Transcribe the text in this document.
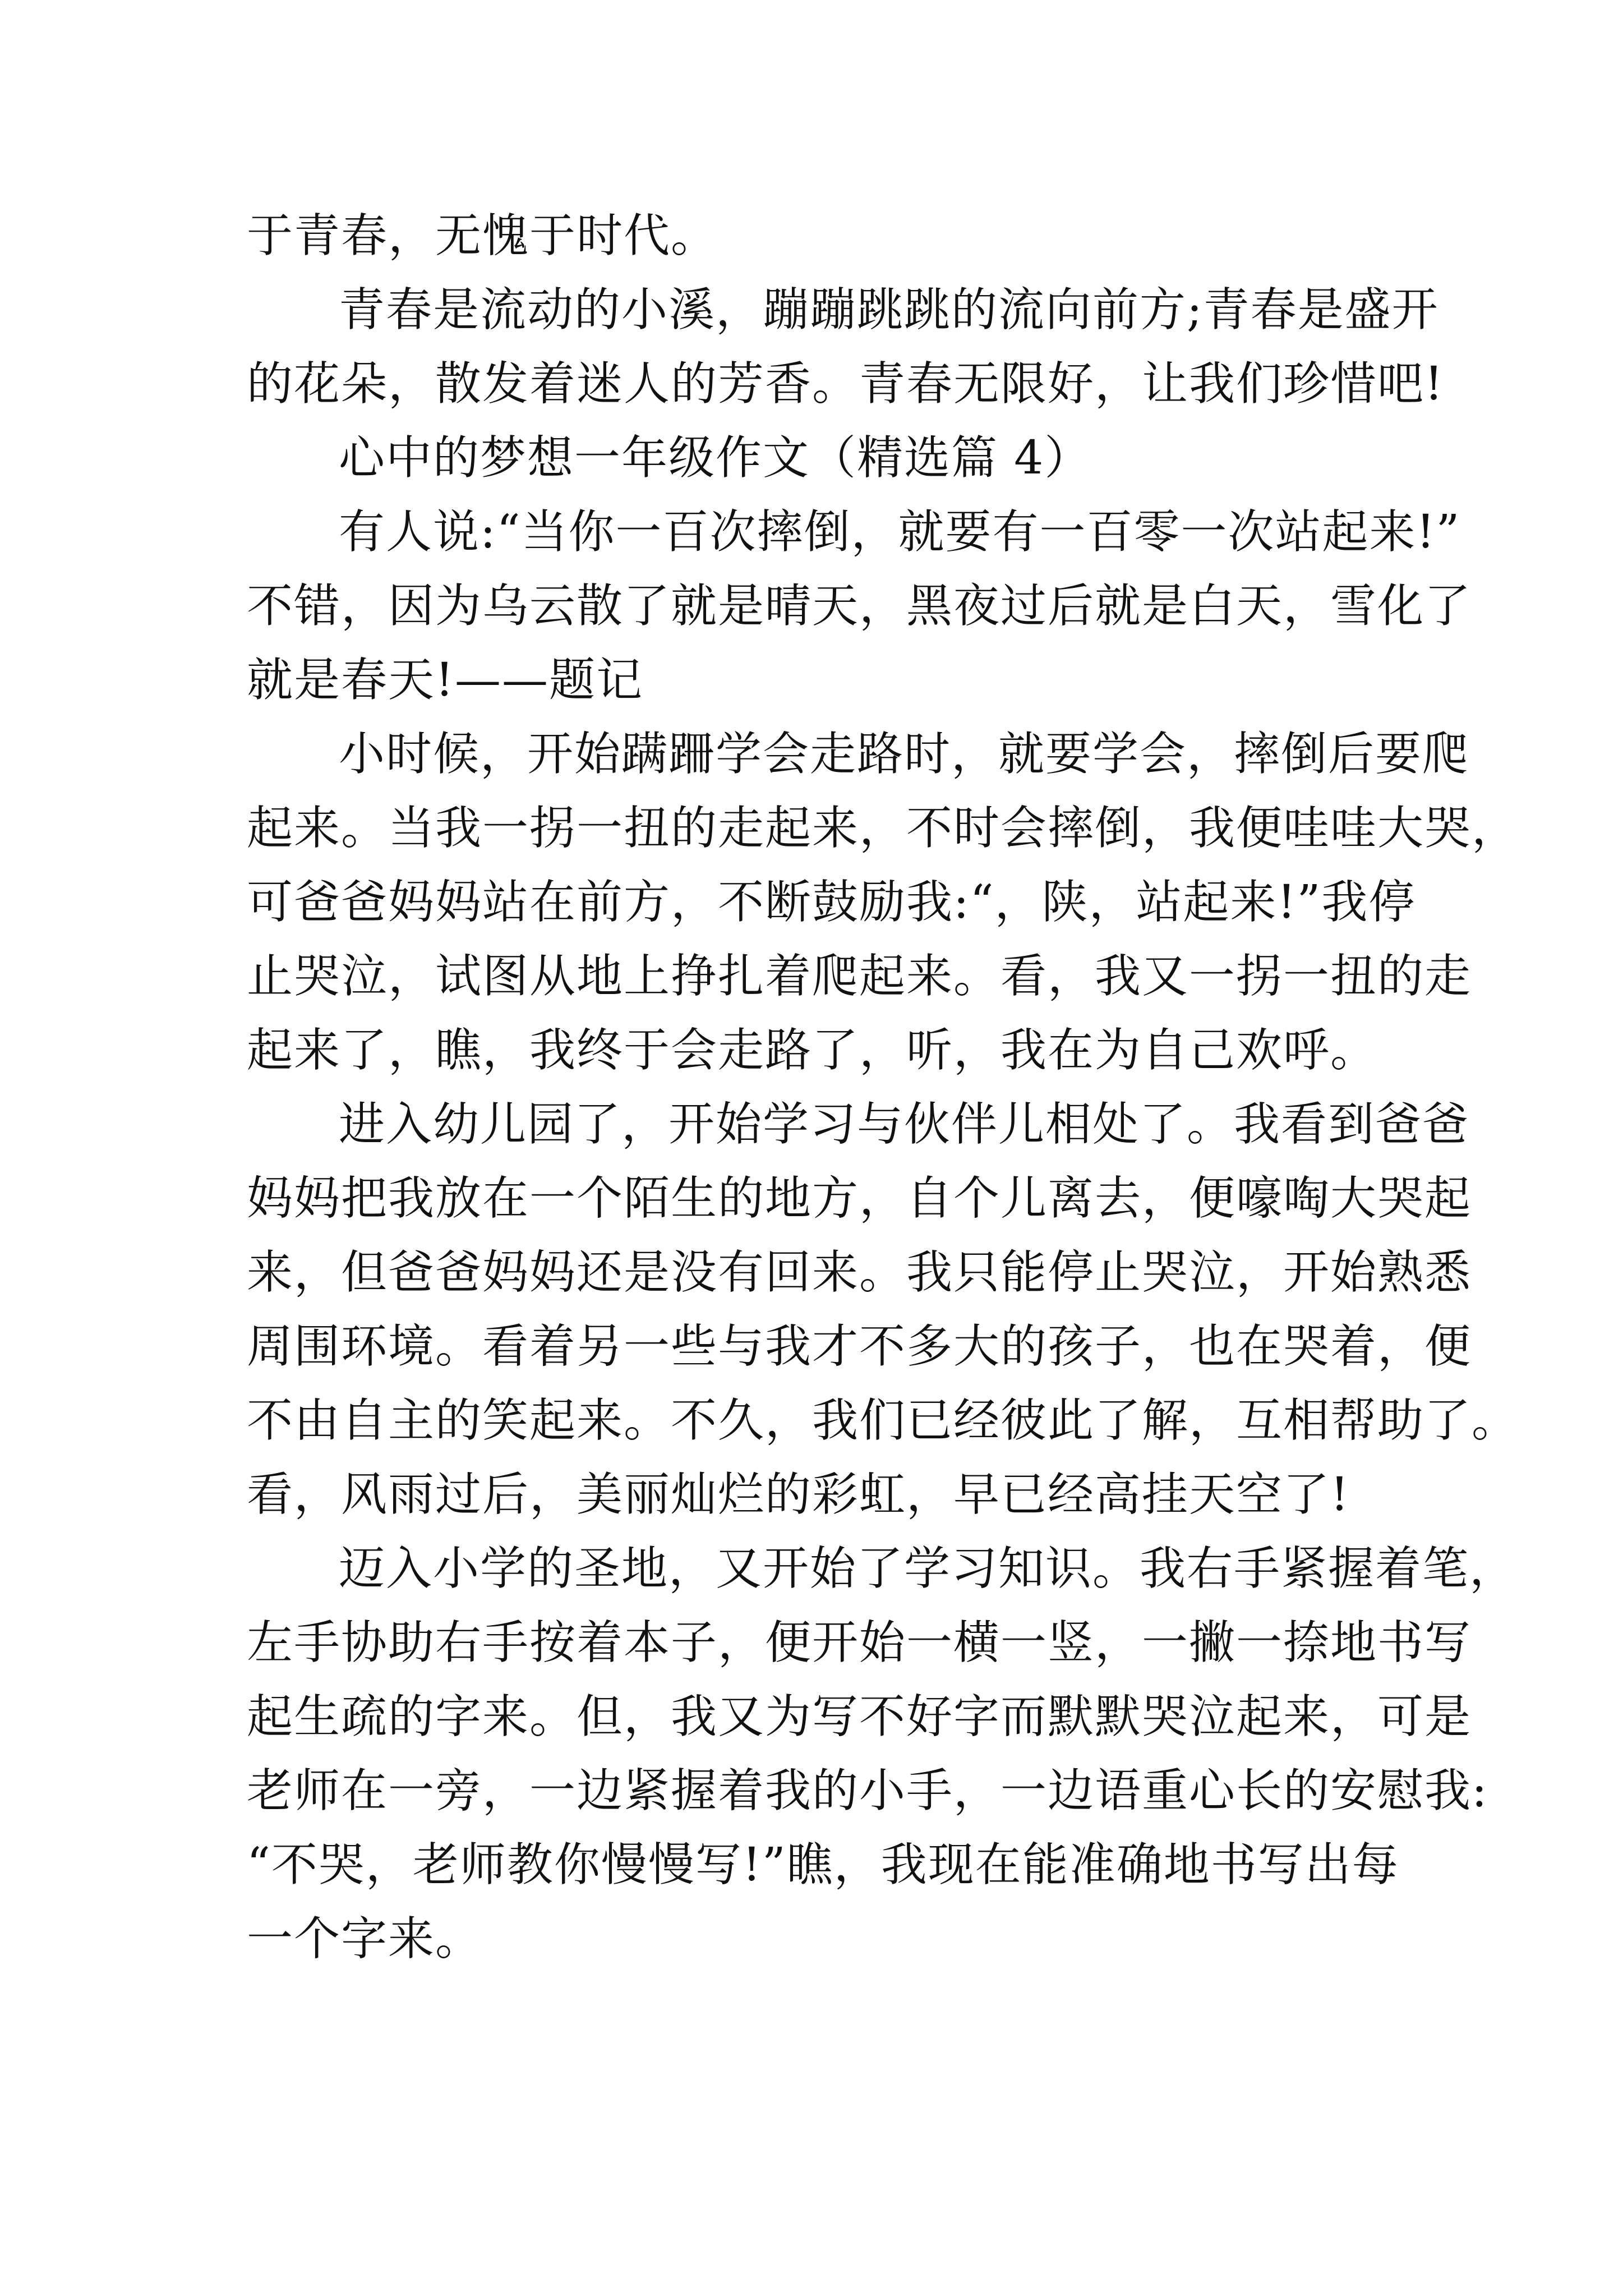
于青春，无愧于时代。
青春是流动的小溪，蹦蹦跳跳的流向前方;青春是盛开
的花朵，散发着迷人的芳香。青春无限好，让我们珍惜吧!
心中的梦想一年级作文（精选篇 4）
有人说:“当你一百次摔倒，就要有一百零一次站起来!”
不错，因为乌云散了就是晴天，黑夜过后就是白天，雪化了
就是春天!——题记
小时候，开始蹒跚学会走路时，就要学会，摔倒后要爬
起来。当我一拐一扭的走起来，不时会摔倒，我便哇哇大哭，
可爸爸妈妈站在前方，不断鼓励我:“，陕，站起来!”我停
止哭泣，试图从地上挣扎着爬起来。看，我又一拐一扭的走
起来了，瞧，我终于会走路了，听，我在为自己欢呼。
进入幼儿园了，开始学习与伙伴儿相处了。我看到爸爸
妈妈把我放在一个陌生的地方，自个儿离去，便嚎啕大哭起
来，但爸爸妈妈还是没有回来。我只能停止哭泣，开始熟悉
周围环境。看着另一些与我才不多大的孩子，也在哭着，便
不由自主的笑起来。不久，我们已经彼此了解，互相帮助了。
看，风雨过后，美丽灿烂的彩虹，早已经高挂天空了!
迈入小学的圣地，又开始了学习知识。我右手紧握着笔，
左手协助右手按着本子，便开始一横一竖，一撇一捺地书写
起生疏的字来。但，我又为写不好字而默默哭泣起来，可是
老师在一旁，一边紧握着我的小手，一边语重心长的安慰我:
“不哭，老师教你慢慢写!”瞧，我现在能准确地书写出每
一个字来。
